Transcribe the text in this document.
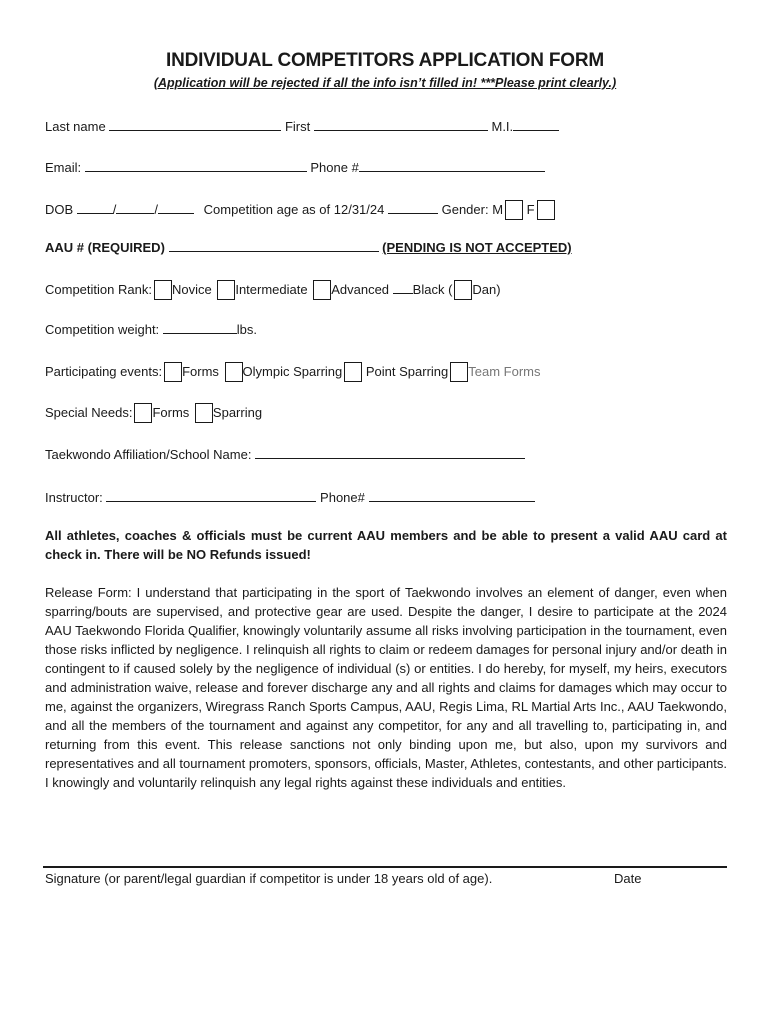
INDIVIDUAL COMPETITORS APPLICATION FORM
(Application will be rejected if all the info isn’t filled in! ***Please print clearly.)
Last name	First	M.I.
Email:	Phone #
DOB	/	/	Competition age as of 12/31/24	Gender: M F
AAU # (REQUIRED)	(PENDING IS NOT ACCEPTED)
Competition Rank: Novice Intermediate Advanced Black ( Dan)
Competition weight:	lbs.
Participating events: Forms Olympic Sparring Point Sparring Team Forms
Special Needs: Forms Sparring
Taekwondo Affiliation/School Name:
Instructor:	Phone#
All athletes, coaches & officials must be current AAU members and be able to present a valid AAU card at check in. There will be NO Refunds issued!
Release Form: I understand that participating in the sport of Taekwondo involves an element of danger, even when sparring/bouts are supervised, and protective gear are used. Despite the danger, I desire to participate at the 2024 AAU Taekwondo Florida Qualifier, knowingly voluntarily assume all risks involving participation in the tournament, even those risks inflicted by negligence. I relinquish all rights to claim or redeem damages for personal injury and/or death in contingent to if caused solely by the negligence of individual (s) or entities. I do hereby, for myself, my heirs, executors and administration waive, release and forever discharge any and all rights and claims for damages which may occur to me, against the organizers, Wiregrass Ranch Sports Campus, AAU, Regis Lima, RL Martial Arts Inc., AAU Taekwondo, and all the members of the tournament and against any competitor, for any and all travelling to, participating in, and returning from this event. This release sanctions not only binding upon me, but also, upon my survivors and representatives and all tournament promoters, sponsors, officials, Master, Athletes, contestants, and other participants. I knowingly and voluntarily relinquish any legal rights against these individuals and entities.
Signature (or parent/legal guardian if competitor is under 18 years old of age).	Date
